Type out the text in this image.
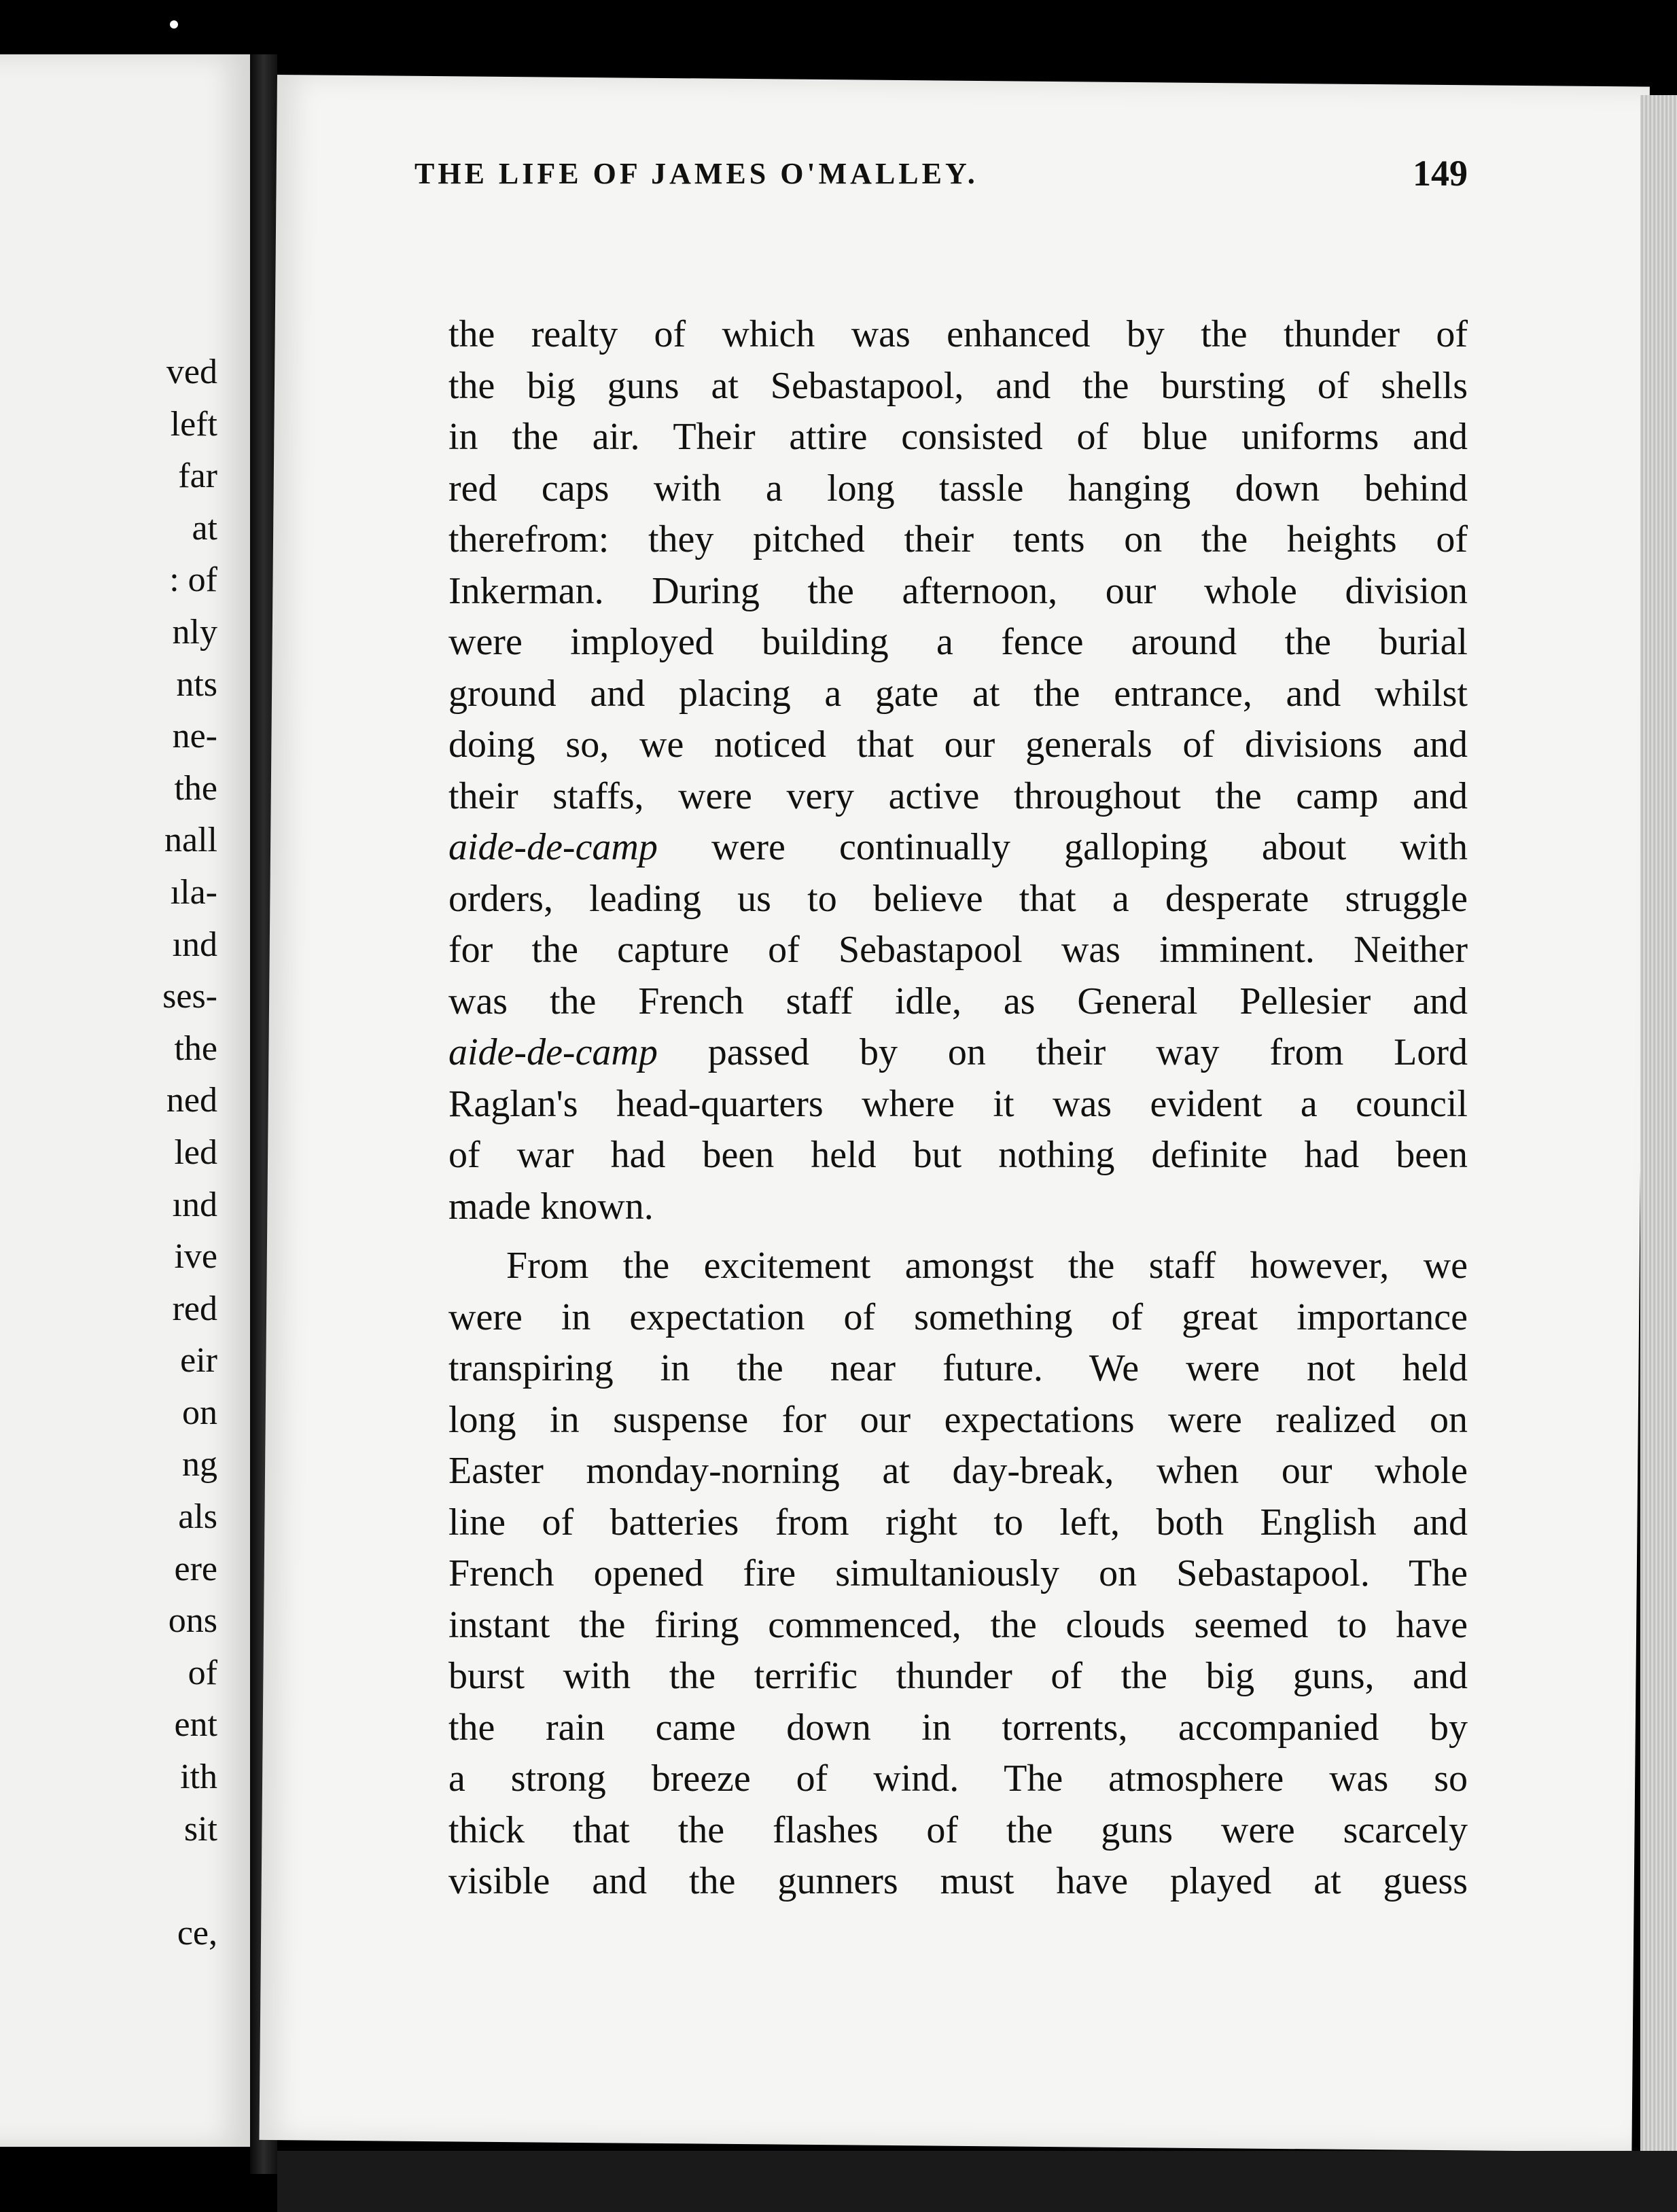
ved
left
far
at
: of
nly
nts
ne-
the
nall
ıla-
ınd
ses-
the
ned
led
ınd
ive
red
eir
on
ng
als
ere
ons
of
ent
ith
sit
ce,
THE LIFE OF JAMES O'MALLEY.	149
the realty of which was enhanced by the thunder of
the big guns at Sebastapool, and the bursting of shells
in the air. Their attire consisted of blue uniforms and
red caps with a long tassle hanging down behind
therefrom: they pitched their tents on the heights of
Inkerman. During the afternoon, our whole division
were imployed building a fence around the burial
ground and placing a gate at the entrance, and whilst
doing so, we noticed that our generals of divisions and
their staffs, were very active throughout the camp and
aide-de-camp were continually galloping about with
orders, leading us to believe that a desperate struggle
for the capture of Sebastapool was imminent. Neither
was the French staff idle, as General Pellesier and
aide-de-camp passed by on their way from Lord
Raglan's head-quarters where it was evident a council
of war had been held but nothing definite had been
made known.
From the excitement amongst the staff however, we
were in expectation of something of great importance
transpiring in the near future. We were not held
long in suspense for our expectations were realized on
Easter monday-norning at day-break, when our whole
line of batteries from right to left, both English and
French opened fire simultaniously on Sebastapool. The
instant the firing commenced, the clouds seemed to have
burst with the terrific thunder of the big guns, and
the rain came down in torrents, accompanied by
a strong breeze of wind. The atmosphere was so
thick that the flashes of the guns were scarcely
visible and the gunners must have played at guess
